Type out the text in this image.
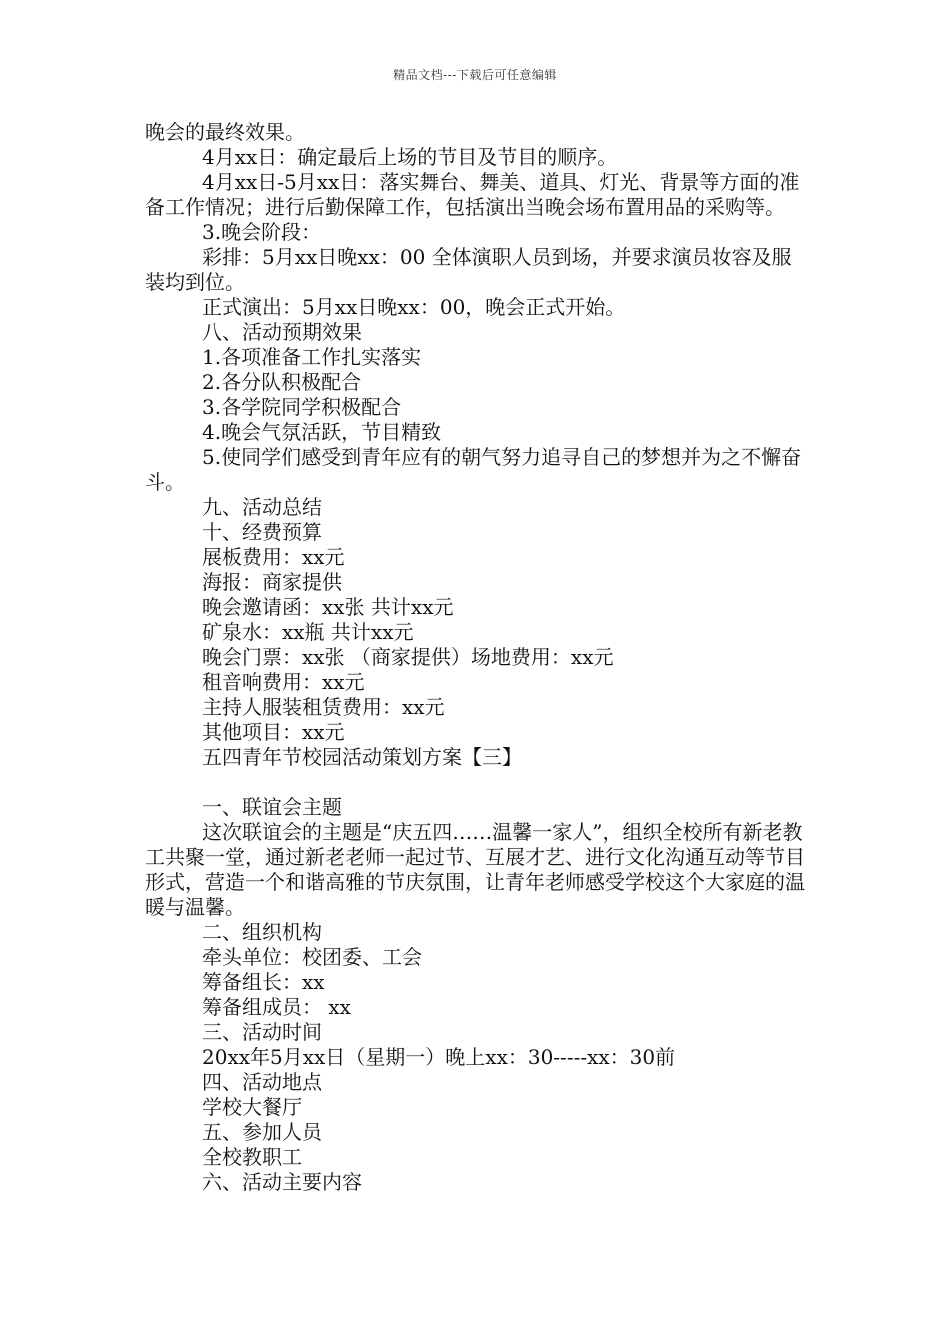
精品文档---下载后可任意编辑

晚会的最终效果。

4月xx日：确定最后上场的节目及节目的顺序。

4月xx日-5月xx日：落实舞台、舞美、道具、灯光、背景等方面的准备工作情况；进行后勤保障工作，包括演出当晚会场布置用品的采购等。

3.晚会阶段：

彩排：5月xx日晚xx：00 全体演职人员到场，并要求演员妆容及服装均到位。

正式演出：5月xx日晚xx：00，晚会正式开始。

八、活动预期效果

1.各项准备工作扎实落实

2.各分队积极配合

3.各学院同学积极配合

4.晚会气氛活跃，节目精致

5.使同学们感受到青年应有的朝气努力追寻自己的梦想并为之不懈奋斗。

九、活动总结

十、经费预算

展板费用：xx元

海报：商家提供

晚会邀请函：xx张 共计xx元

矿泉水：xx瓶 共计xx元

晚会门票：xx张 （商家提供）场地费用：xx元

租音响费用：xx元

主持人服装租赁费用：xx元

其他项目：xx元

五四青年节校园活动策划方案【三】

一、联谊会主题

这次联谊会的主题是“庆五四……温馨一家人”，组织全校所有新老教工共聚一堂，通过新老老师一起过节、互展才艺、进行文化沟通互动等节目形式，营造一个和谐高雅的节庆氛围，让青年老师感受学校这个大家庭的温暖与温馨。

二、组织机构

牵头单位：校团委、工会

筹备组长：xx

筹备组成员： xx

三、活动时间

20xx年5月xx日（星期一）晚上xx：30-----xx：30前

四、活动地点

学校大餐厅

五、参加人员

全校教职工

六、活动主要内容
